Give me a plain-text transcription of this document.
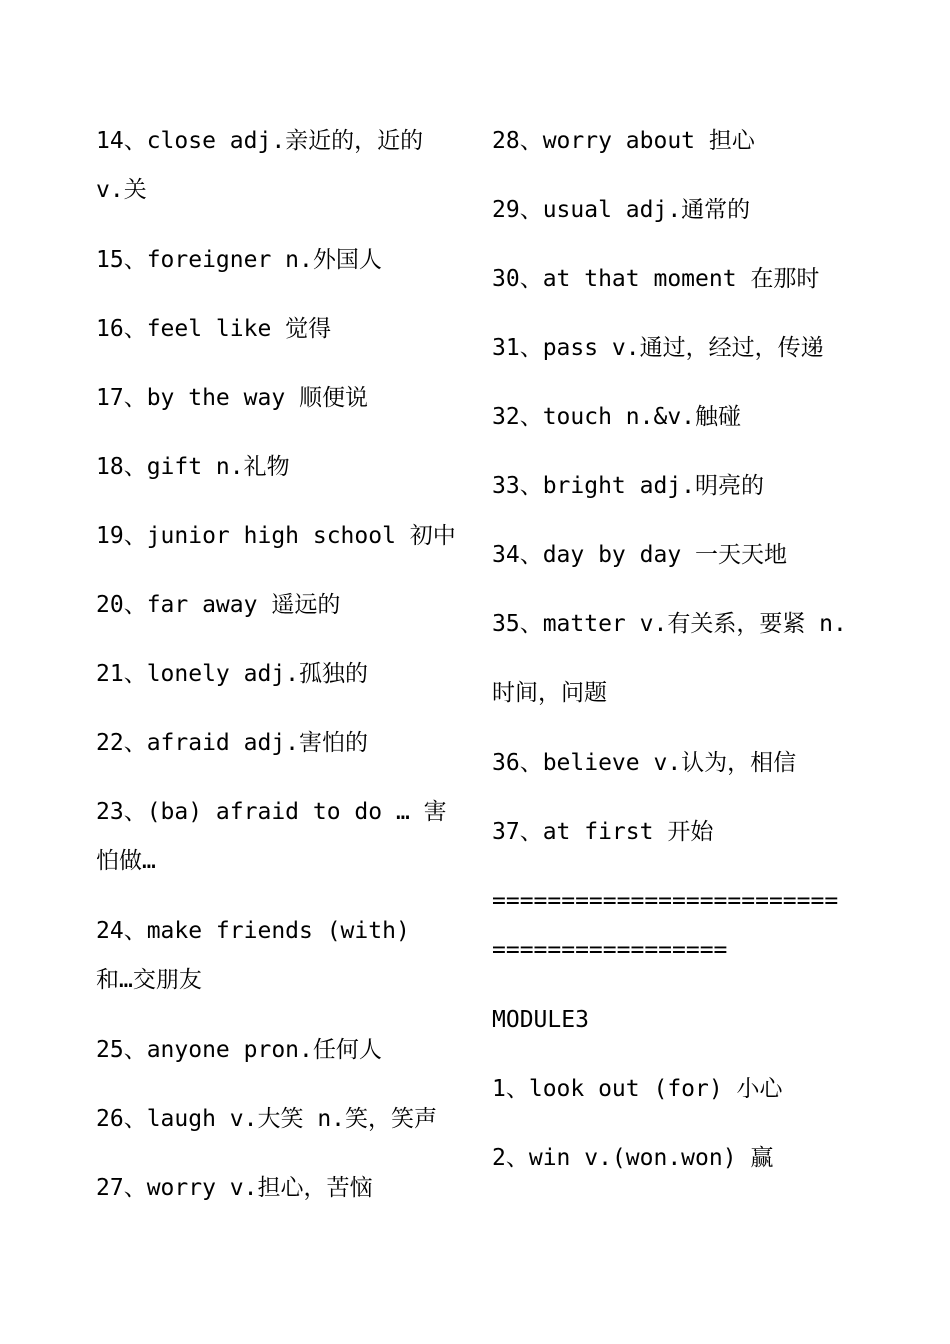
14、close adj.亲近的，近的 v.关
15、foreigner n.外国人
16、feel like 觉得
17、by the way 顺便说
18、gift n.礼物
19、junior high school 初中
20、far away 遥远的
21、lonely adj.孤独的
22、afraid adj.害怕的
23、(ba) afraid to do … 害怕做…
24、make friends (with) 和…交朋友
25、anyone pron.任何人
26、laugh v.大笑 n.笑，笑声
27、worry v.担心，苦恼
28、worry about 担心
29、usual adj.通常的
30、at that moment 在那时
31、pass v.通过，经过，传递
32、touch n.&v.触碰
33、bright adj.明亮的
34、day by day 一天天地
35、matter v.有关系，要紧 n.时间，问题
36、believe v.认为，相信
37、at first 开始
==========================================
MODULE3
1、look out (for) 小心
2、win v.(won.won) 赢
